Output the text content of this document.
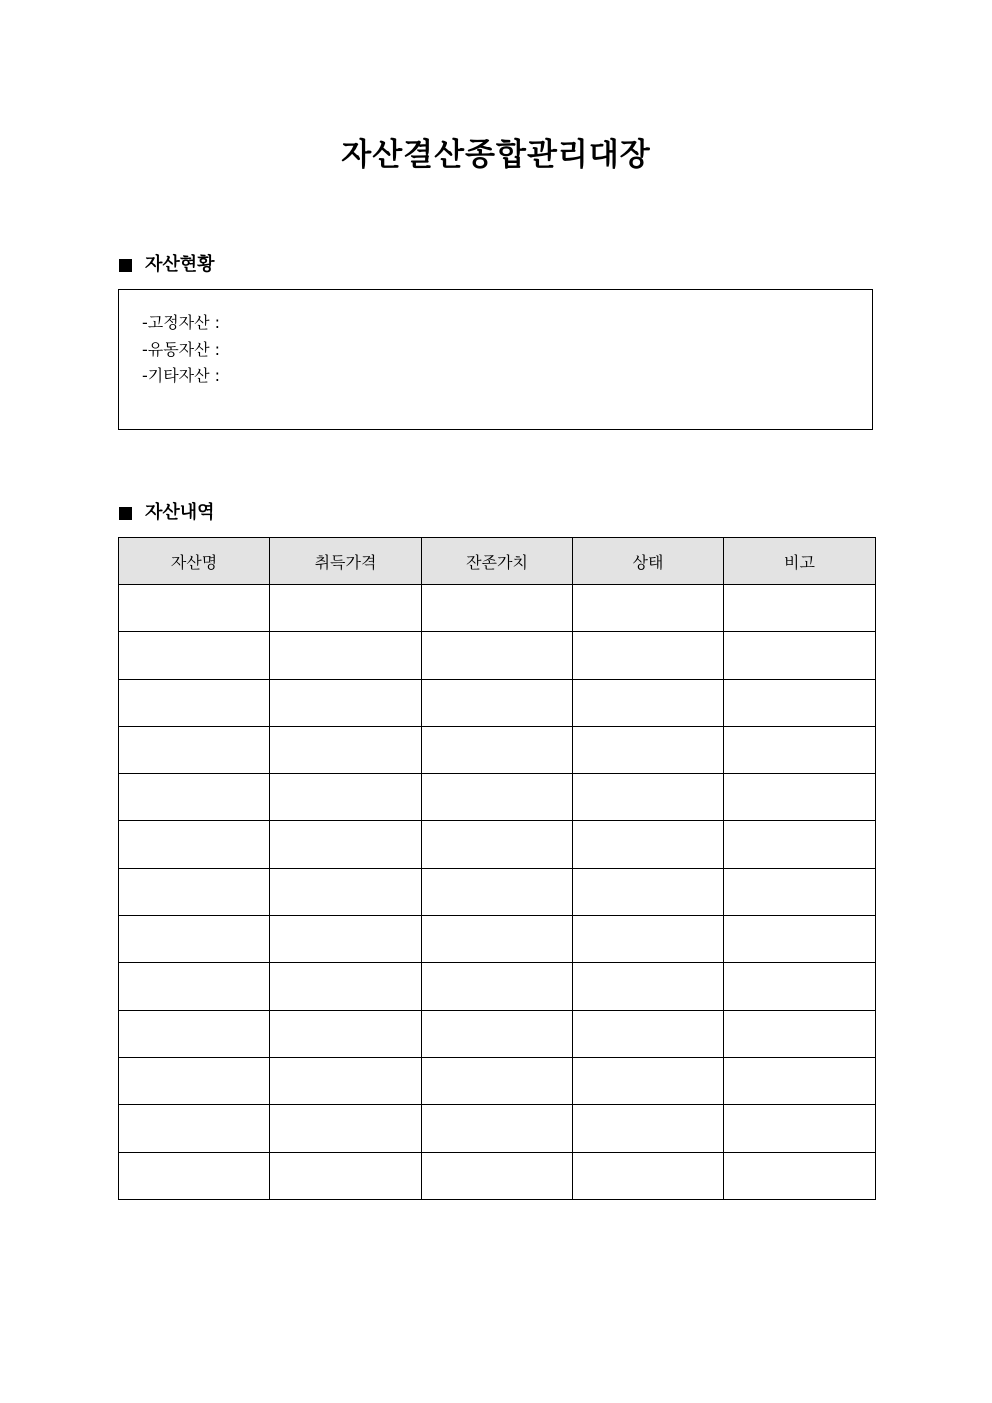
자산결산종합관리대장
자산현황
-고정자산 :
-유동자산 :
-기타자산 :
자산내역
자산명	취득가격	잔존가치	상태	비고
